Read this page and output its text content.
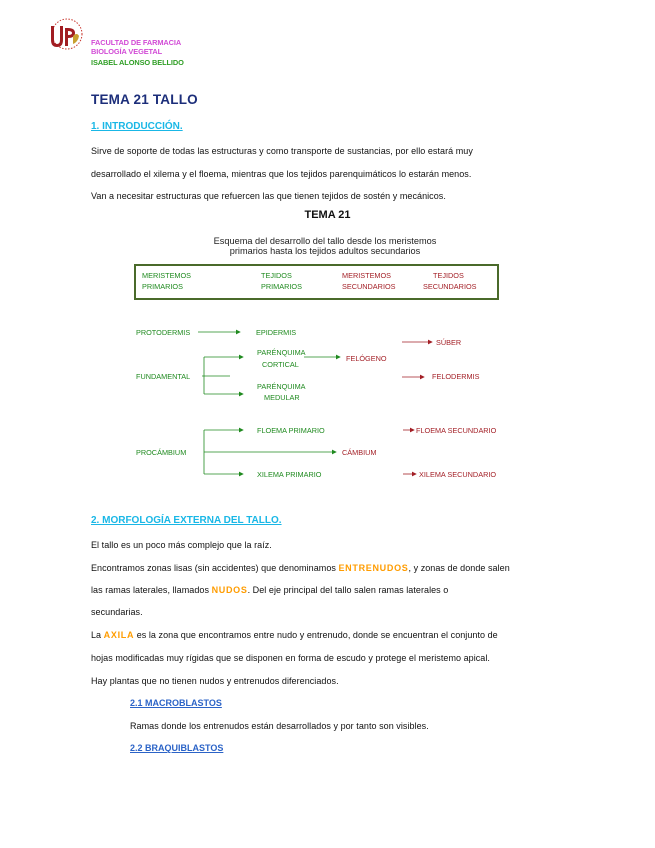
FACULTAD DE FARMACIA
BIOLOGÍA VEGETAL
ISABEL ALONSO BELLIDO
TEMA 21 TALLO
1. INTRODUCCIÓN.
Sirve de soporte de todas las estructuras y como transporte de sustancias, por ello estará muy
desarrollado el xilema y el floema, mientras que los tejidos parenquimáticos lo estarán menos.
Van a necesitar estructuras que refuercen las que tienen tejidos de sostén y mecánicos.
TEMA 21
Esquema del desarrollo del tallo desde los meristemos
primarios hasta los tejidos adultos secundarios
MERISTEMOS
PRIMARIOS
TEJIDOS
PRIMARIOS
MERISTEMOS
SECUNDARIOS
TEJIDOS
SECUNDARIOS
PROTODERMIS	EPIDERMIS
SÚBER
PARÉNQUIMA
CORTICAL
FELÓGENO
FUNDAMENTAL	FELODERMIS
PARÉNQUIMA
MEDULAR
FLOEMA PRIMARIO	FLOEMA SECUNDARIO
PROCÁMBIUM	CÁMBIUM
XILEMA PRIMARIO	XILEMA SECUNDARIO
2. MORFOLOGÍA EXTERNA DEL TALLO.
El tallo es un poco más complejo que la raíz.
Encontramos zonas lisas (sin accidentes) que denominamos ENTRENUDOS, y zonas de donde salen
las ramas laterales, llamados NUDOS. Del eje principal del tallo salen ramas laterales o
secundarias.
La AXILA es la zona que encontramos entre nudo y entrenudo, donde se encuentran el conjunto de
hojas modificadas muy rígidas que se disponen en forma de escudo y protege el meristemo apical.
Hay plantas que no tienen nudos y entrenudos diferenciados.
2.1 MACROBLASTOS
Ramas donde los entrenudos están desarrollados y por tanto son visibles.
2.2 BRAQUIBLASTOS
